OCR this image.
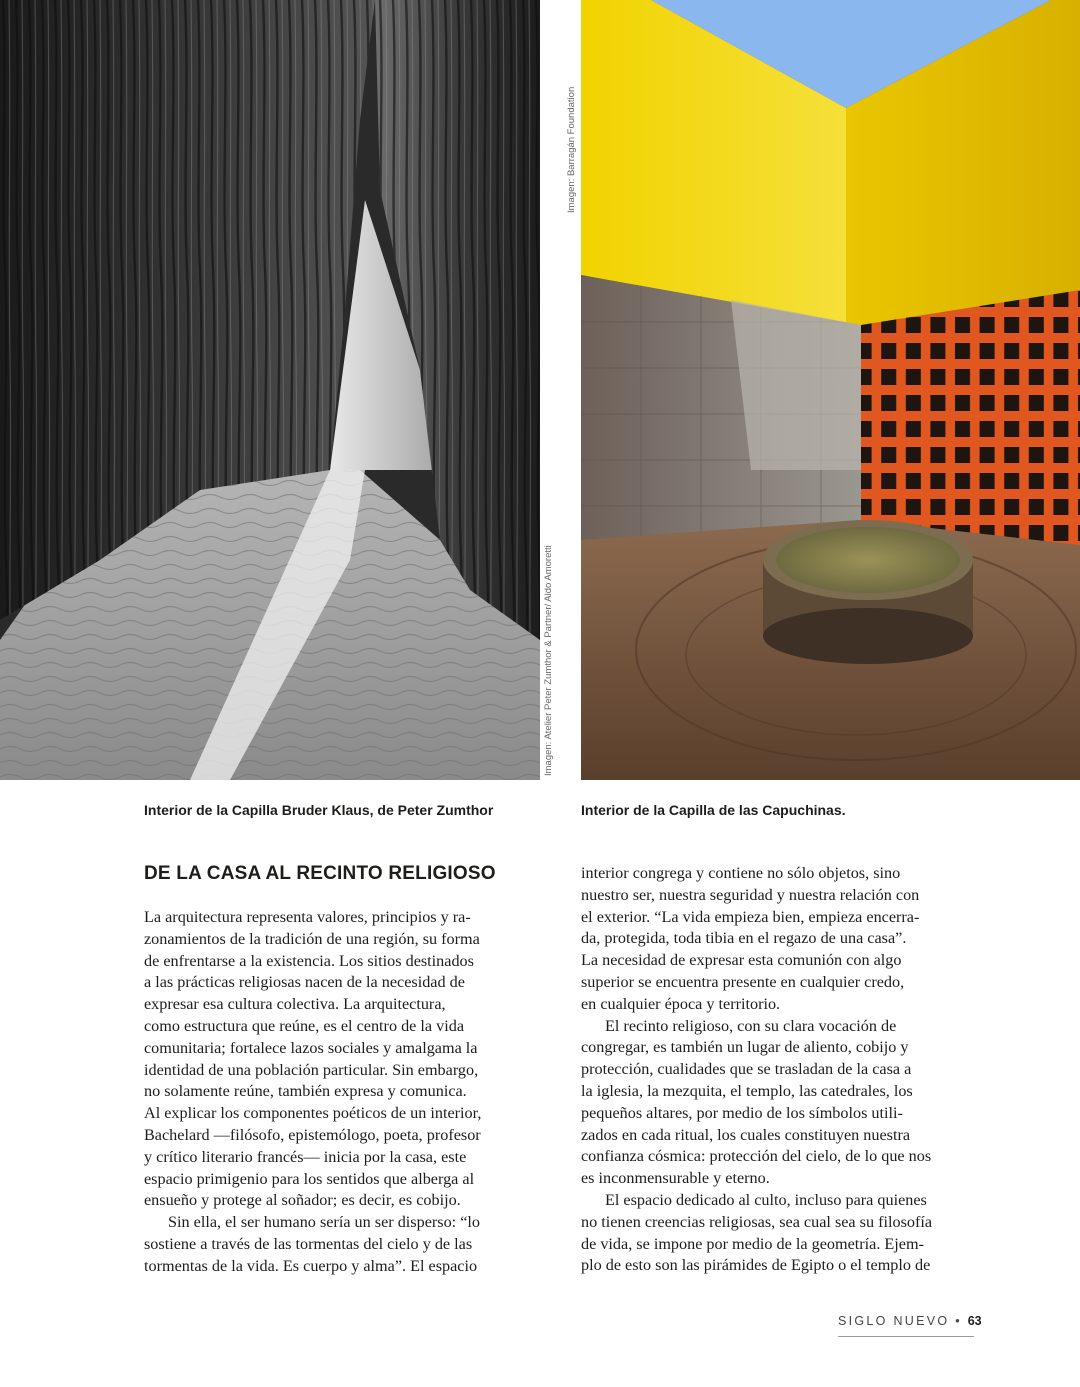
Imagen: Atelier Peter Zumthor & Partner/ Aldo Amoretti
Imagen: Barragán Foundation
Interior de la Capilla Bruder Klaus, de Peter Zumthor	Interior de la Capilla de las Capuchinas.
DE LA CASA AL RECINTO RELIGIOSO
La arquitectura representa valores, principios y ra-
zonamientos de la tradición de una región, su forma
de enfrentarse a la existencia. Los sitios destinados
a las prácticas religiosas nacen de la necesidad de
expresar esa cultura colectiva. La arquitectura,
como estructura que reúne, es el centro de la vida
comunitaria; fortalece lazos sociales y amalgama la
identidad de una población particular. Sin embargo,
no solamente reúne, también expresa y comunica.
Al explicar los componentes poéticos de un interior,
Bachelard —filósofo, epistemólogo, poeta, profesor
y crítico literario francés— inicia por la casa, este
espacio primigenio para los sentidos que alberga al
ensueño y protege al soñador; es decir, es cobijo.
Sin ella, el ser humano sería un ser disperso: “lo
sostiene a través de las tormentas del cielo y de las
tormentas de la vida. Es cuerpo y alma”. El espacio
interior congrega y contiene no sólo objetos, sino
nuestro ser, nuestra seguridad y nuestra relación con
el exterior. “La vida empieza bien, empieza encerra-
da, protegida, toda tibia en el regazo de una casa”.
La necesidad de expresar esta comunión con algo
superior se encuentra presente en cualquier credo,
en cualquier época y territorio.
El recinto religioso, con su clara vocación de
congregar, es también un lugar de aliento, cobijo y
protección, cualidades que se trasladan de la casa a
la iglesia, la mezquita, el templo, las catedrales, los
pequeños altares, por medio de los símbolos utili-
zados en cada ritual, los cuales constituyen nuestra
confianza cósmica: protección del cielo, de lo que nos
es inconmensurable y eterno.
El espacio dedicado al culto, incluso para quienes
no tienen creencias religiosas, sea cual sea su filosofía
de vida, se impone por medio de la geometría. Ejem-
plo de esto son las pirámides de Egipto o el templo de
SIGLO NUEVO • 63
